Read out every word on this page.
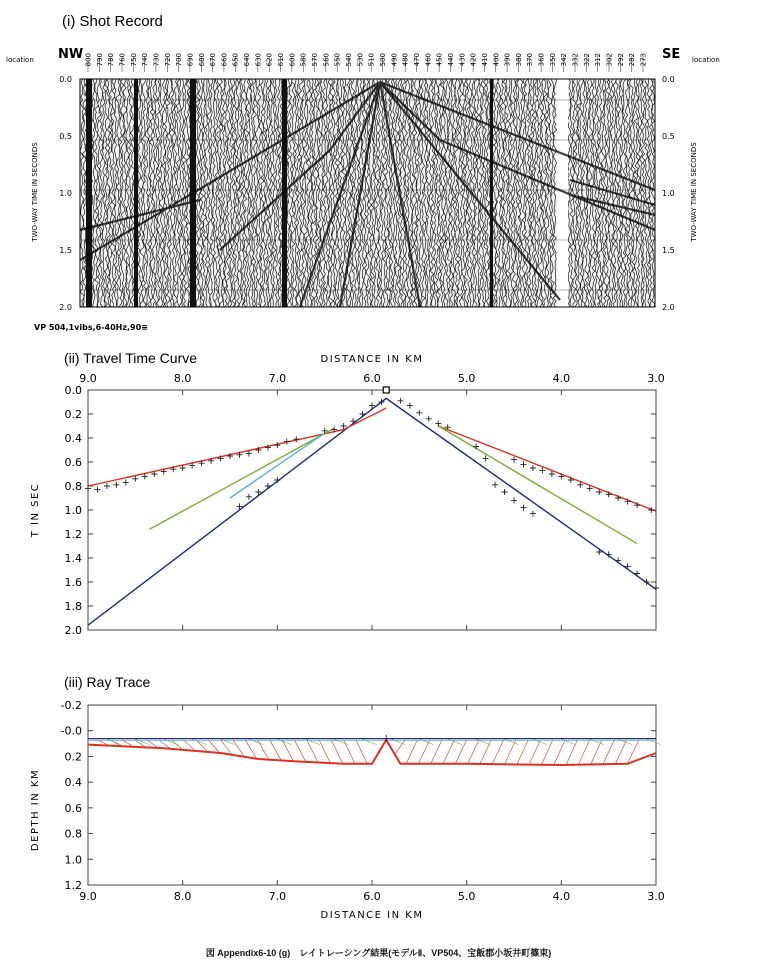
(i) Shot Record
NW	SE
location	location
800 790 780 760 750 740 730 720 700 690 680 670 660 650 640 630 620 610 600 580 570 560 550 540 530 510 500 490 480 470 460 450 440 430 420 410 400 390 380 370 360 350 342 332 322 312 302 292 282 273
0.0
0.5
1.0
1.5
2.0
0.0
0.5
1.0
1.5
2.0
TWO-WAY TIME IN SECONDS	TWO-WAY TIME IN SECONDS
VP 504,1vibs,6-40Hz,90≡
(ii) Travel Time Curve	DISTANCE IN KM
9.0	8.0	7.0	6.0	5.0	4.0	3.0
0.0
0.2
0.4
0.6
0.8
1.0
1.2
1.4
1.6
1.8
2.0
T IN SEC
(iii) Ray Trace
9.0	8.0	7.0	6.0	5.0	4.0	3.0
-0.2
-0.0
0.2
0.4
0.6
0.8
1.0
1.2
DEPTH IN KM
DISTANCE IN KM
図 Appendix6-10 (g)　レイトレーシング結果(モデルⅡ、VP504、宝飯郡小坂井町篠束)
